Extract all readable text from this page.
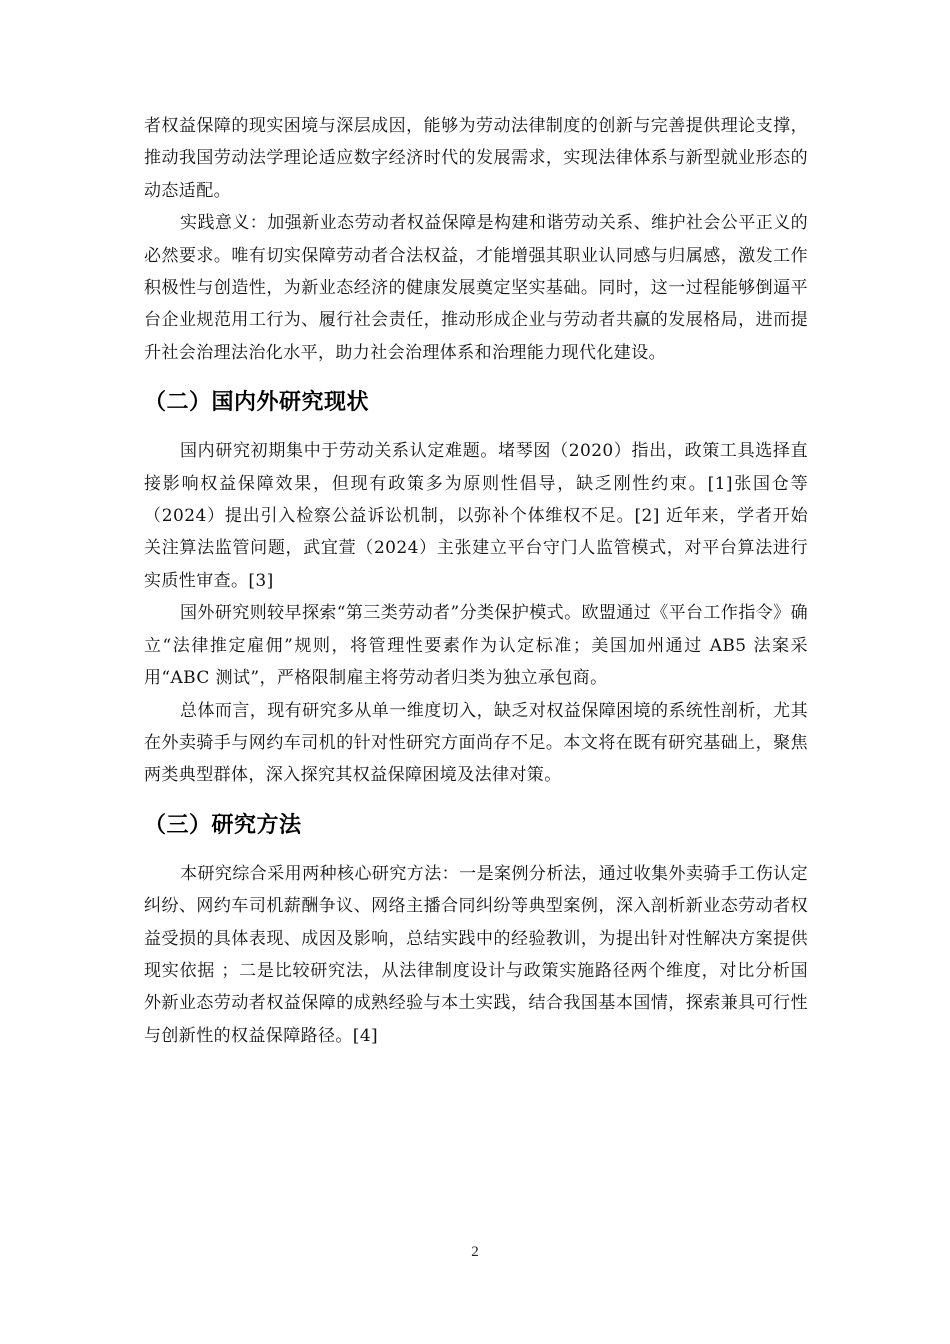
者权益保障的现实困境与深层成因，能够为劳动法律制度的创新与完善提供理论支撑，推动我国劳动法学理论适应数字经济时代的发展需求，实现法律体系与新型就业形态的动态适配。

实践意义：加强新业态劳动者权益保障是构建和谐劳动关系、维护社会公平正义的必然要求。唯有切实保障劳动者合法权益，才能增强其职业认同感与归属感，激发工作积极性与创造性，为新业态经济的健康发展奠定坚实基础。同时，这一过程能够倒逼平台企业规范用工行为、履行社会责任，推动形成企业与劳动者共赢的发展格局，进而提升社会治理法治化水平，助力社会治理体系和治理能力现代化建设。

（二）国内外研究现状

国内研究初期集中于劳动关系认定难题。堵琴囡（2020）指出，政策工具选择直接影响权益保障效果，但现有政策多为原则性倡导，缺乏刚性约束。[1]张国仓等（2024）提出引入检察公益诉讼机制，以弥补个体维权不足。[2] 近年来，学者开始关注算法监管问题，武宜萱（2024）主张建立平台守门人监管模式，对平台算法进行实质性审查。[3]

国外研究则较早探索“第三类劳动者”分类保护模式。欧盟通过《平台工作指令》确立“法律推定雇佣”规则，将管理性要素作为认定标准；美国加州通过 AB5 法案采用“ABC 测试”，严格限制雇主将劳动者归类为独立承包商。

总体而言，现有研究多从单一维度切入，缺乏对权益保障困境的系统性剖析，尤其在外卖骑手与网约车司机的针对性研究方面尚存不足。本文将在既有研究基础上，聚焦两类典型群体，深入探究其权益保障困境及法律对策。

（三）研究方法

本研究综合采用两种核心研究方法：一是案例分析法，通过收集外卖骑手工伤认定纠纷、网约车司机薪酬争议、网络主播合同纠纷等典型案例，深入剖析新业态劳动者权益受损的具体表现、成因及影响，总结实践中的经验教训，为提出针对性解决方案提供现实依据 ；二是比较研究法，从法律制度设计与政策实施路径两个维度，对比分析国外新业态劳动者权益保障的成熟经验与本土实践，结合我国基本国情，探索兼具可行性与创新性的权益保障路径。[4]

2
